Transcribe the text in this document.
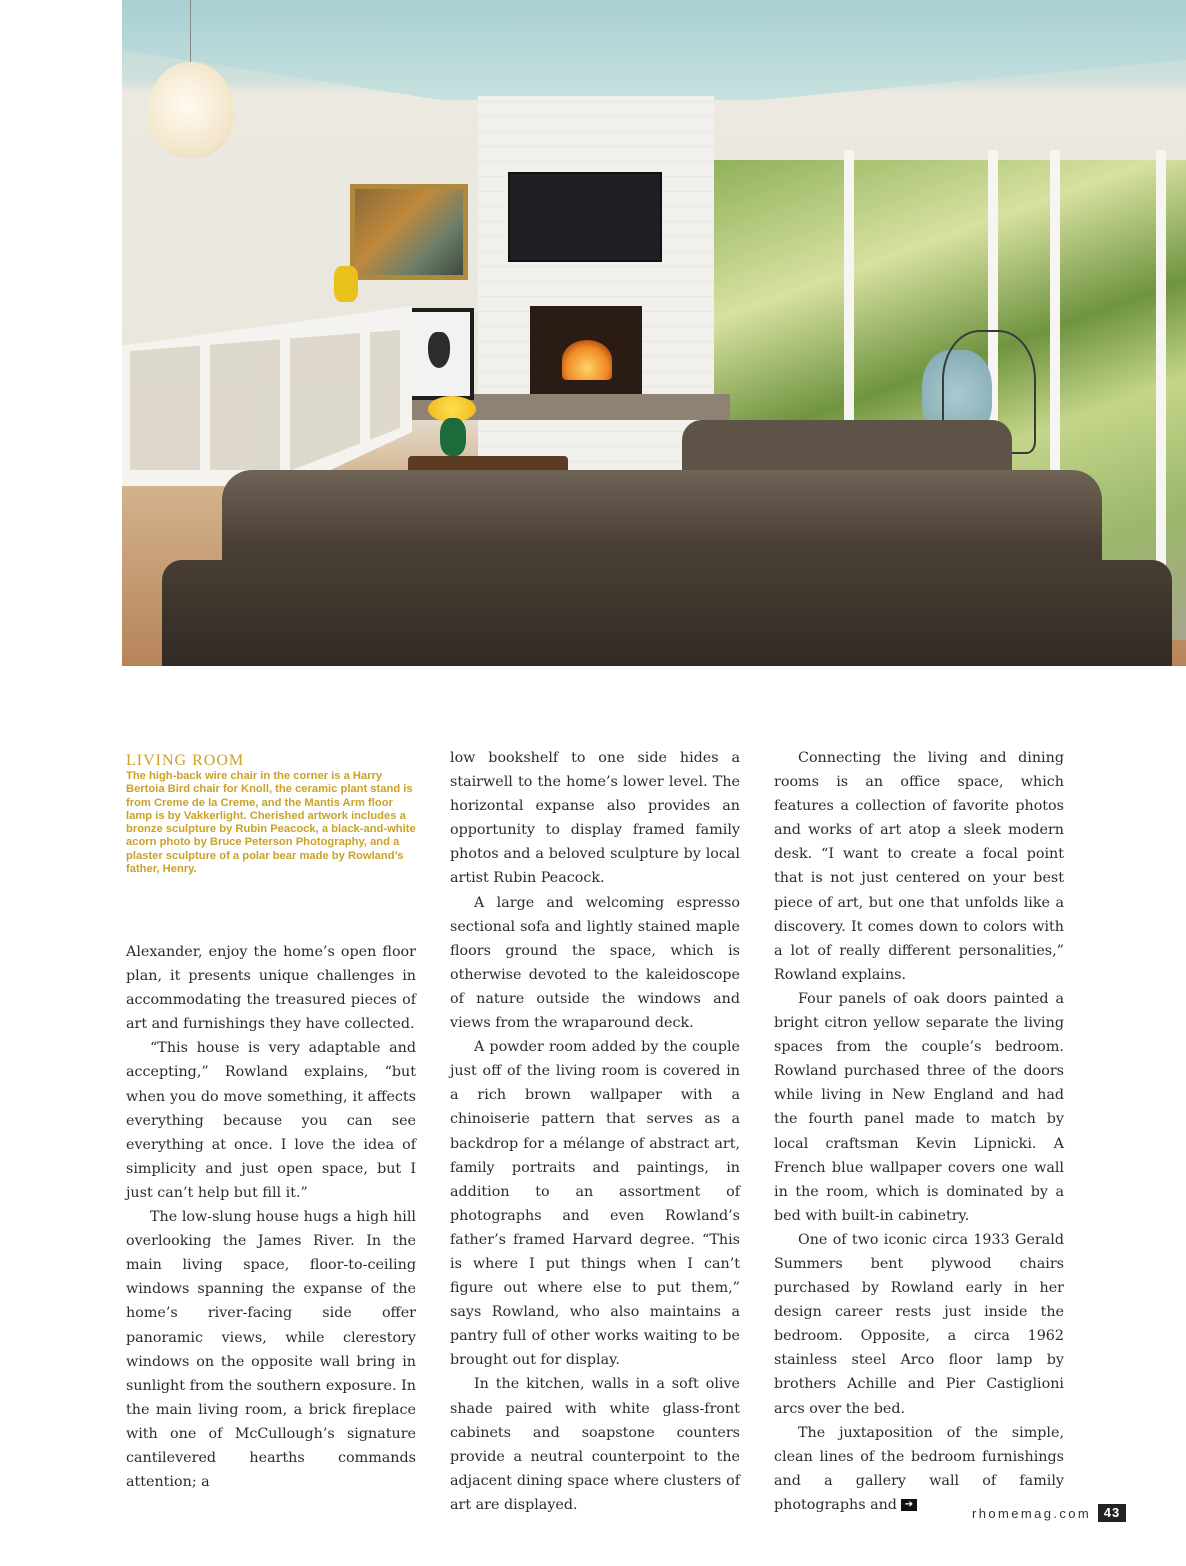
LIVING ROOM
The high-back wire chair in the corner is a Harry Bertoia Bird chair for Knoll, the ceramic plant stand is from Creme de la Creme, and the Mantis Arm floor lamp is by Vakkerlight. Cherished artwork includes a bronze sculpture by Rubin Peacock, a black-and-white acorn photo by Bruce Peterson Photography, and a plaster sculpture of a polar bear made by Rowland’s father, Henry.

Alexander, enjoy the home’s open floor plan, it presents unique challenges in accommodating the treasured pieces of art and furnishings they have collected.

“This house is very adaptable and accepting,” Rowland explains, “but when you do move something, it affects everything because you can see everything at once. I love the idea of simplicity and just open space, but I just can’t help but fill it.”

The low-slung house hugs a high hill overlooking the James River. In the main living space, floor-to-ceiling windows spanning the expanse of the home’s river-facing side offer panoramic views, while clerestory windows on the opposite wall bring in sunlight from the southern exposure. In the main living room, a brick fireplace with one of McCullough’s signature cantilevered hearths commands attention; a

low bookshelf to one side hides a stairwell to the home’s lower level. The horizontal expanse also provides an opportunity to display framed family photos and a beloved sculpture by local artist Rubin Peacock.

A large and welcoming espresso sectional sofa and lightly stained maple floors ground the space, which is otherwise devoted to the kaleidoscope of nature outside the windows and views from the wraparound deck.

A powder room added by the couple just off of the living room is covered in a rich brown wallpaper with a chinoiserie pattern that serves as a backdrop for a mélange of abstract art, family portraits and paintings, in addition to an assortment of photographs and even Rowland’s father’s framed Harvard degree. “This is where I put things when I can’t figure out where else to put them,” says Rowland, who also maintains a pantry full of other works waiting to be brought out for display.

In the kitchen, walls in a soft olive shade paired with white glass-front cabinets and soapstone counters provide a neutral counterpoint to the adjacent dining space where clusters of art are displayed.

Connecting the living and dining rooms is an office space, which features a collection of favorite photos and works of art atop a sleek modern desk. “I want to create a focal point that is not just centered on your best piece of art, but one that unfolds like a discovery. It comes down to colors with a lot of really different personalities,” Rowland explains.

Four panels of oak doors painted a bright citron yellow separate the living spaces from the couple’s bedroom. Rowland purchased three of the doors while living in New England and had the fourth panel made to match by local craftsman Kevin Lipnicki. A French blue wallpaper covers one wall in the room, which is dominated by a bed with built-in cabinetry.

One of two iconic circa 1933 Gerald Summers bent plywood chairs purchased by Rowland early in her design career rests just inside the bedroom. Opposite, a circa 1962 stainless steel Arco floor lamp by brothers Achille and Pier Castiglioni arcs over the bed.

The juxtaposition of the simple, clean lines of the bedroom furnishings and a gallery wall of family photographs and ➔

rhomemag.com 43
